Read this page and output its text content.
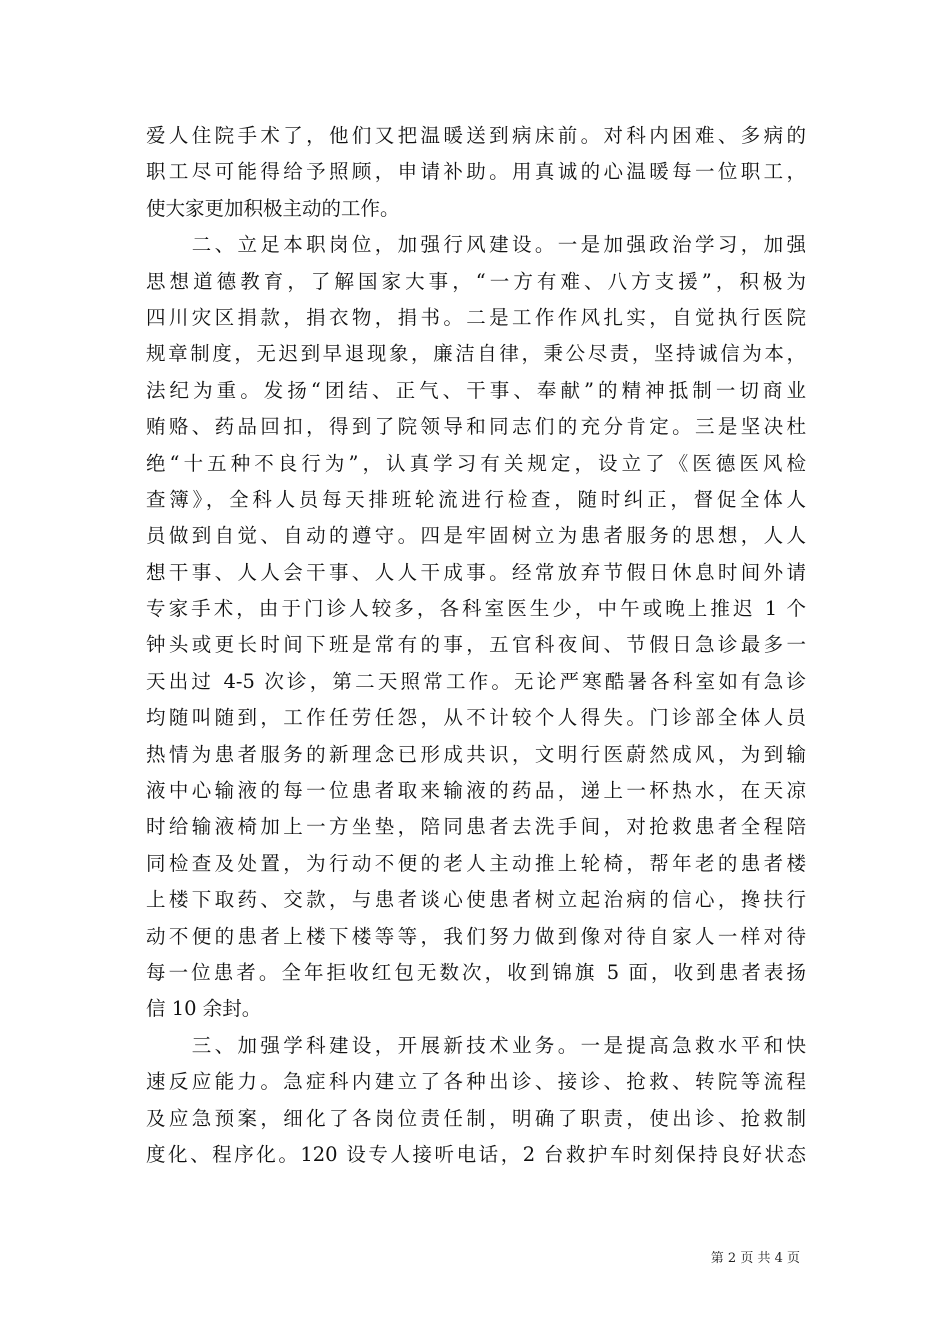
爱人住院手术了，他们又把温暖送到病床前。对科内困难、多病的
职工尽可能得给予照顾，申请补助。用真诚的心温暖每一位职工，
使大家更加积极主动的工作。
　　二、立足本职岗位，加强行风建设。一是加强政治学习，加强
思想道德教育，了解国家大事，“一方有难、八方支援”，积极为
四川灾区捐款，捐衣物，捐书。二是工作作风扎实，自觉执行医院
规章制度，无迟到早退现象，廉洁自律，秉公尽责，坚持诚信为本，
法纪为重。发扬“团结、正气、干事、奉献”的精神抵制一切商业
贿赂、药品回扣，得到了院领导和同志们的充分肯定。三是坚决杜
绝“十五种不良行为”，认真学习有关规定，设立了《医德医风检
查簿》，全科人员每天排班轮流进行检查，随时纠正，督促全体人
员做到自觉、自动的遵守。四是牢固树立为患者服务的思想，人人
想干事、人人会干事、人人干成事。经常放弃节假日休息时间外请
专家手术，由于门诊人较多，各科室医生少，中午或晚上推迟 1 个
钟头或更长时间下班是常有的事，五官科夜间、节假日急诊最多一
天出过 4-5 次诊，第二天照常工作。无论严寒酷暑各科室如有急诊
均随叫随到，工作任劳任怨，从不计较个人得失。门诊部全体人员
热情为患者服务的新理念已形成共识，文明行医蔚然成风，为到输
液中心输液的每一位患者取来输液的药品，递上一杯热水，在天凉
时给输液椅加上一方坐垫，陪同患者去洗手间，对抢救患者全程陪
同检查及处置，为行动不便的老人主动推上轮椅，帮年老的患者楼
上楼下取药、交款，与患者谈心使患者树立起治病的信心，搀扶行
动不便的患者上楼下楼等等，我们努力做到像对待自家人一样对待
每一位患者。全年拒收红包无数次，收到锦旗 5 面，收到患者表扬
信 10 余封。
　　三、加强学科建设，开展新技术业务。一是提高急救水平和快
速反应能力。急症科内建立了各种出诊、接诊、抢救、转院等流程
及应急预案，细化了各岗位责任制，明确了职责，使出诊、抢救制
度化、程序化。120 设专人接听电话，2 台救护车时刻保持良好状态
第 2 页 共 4 页
